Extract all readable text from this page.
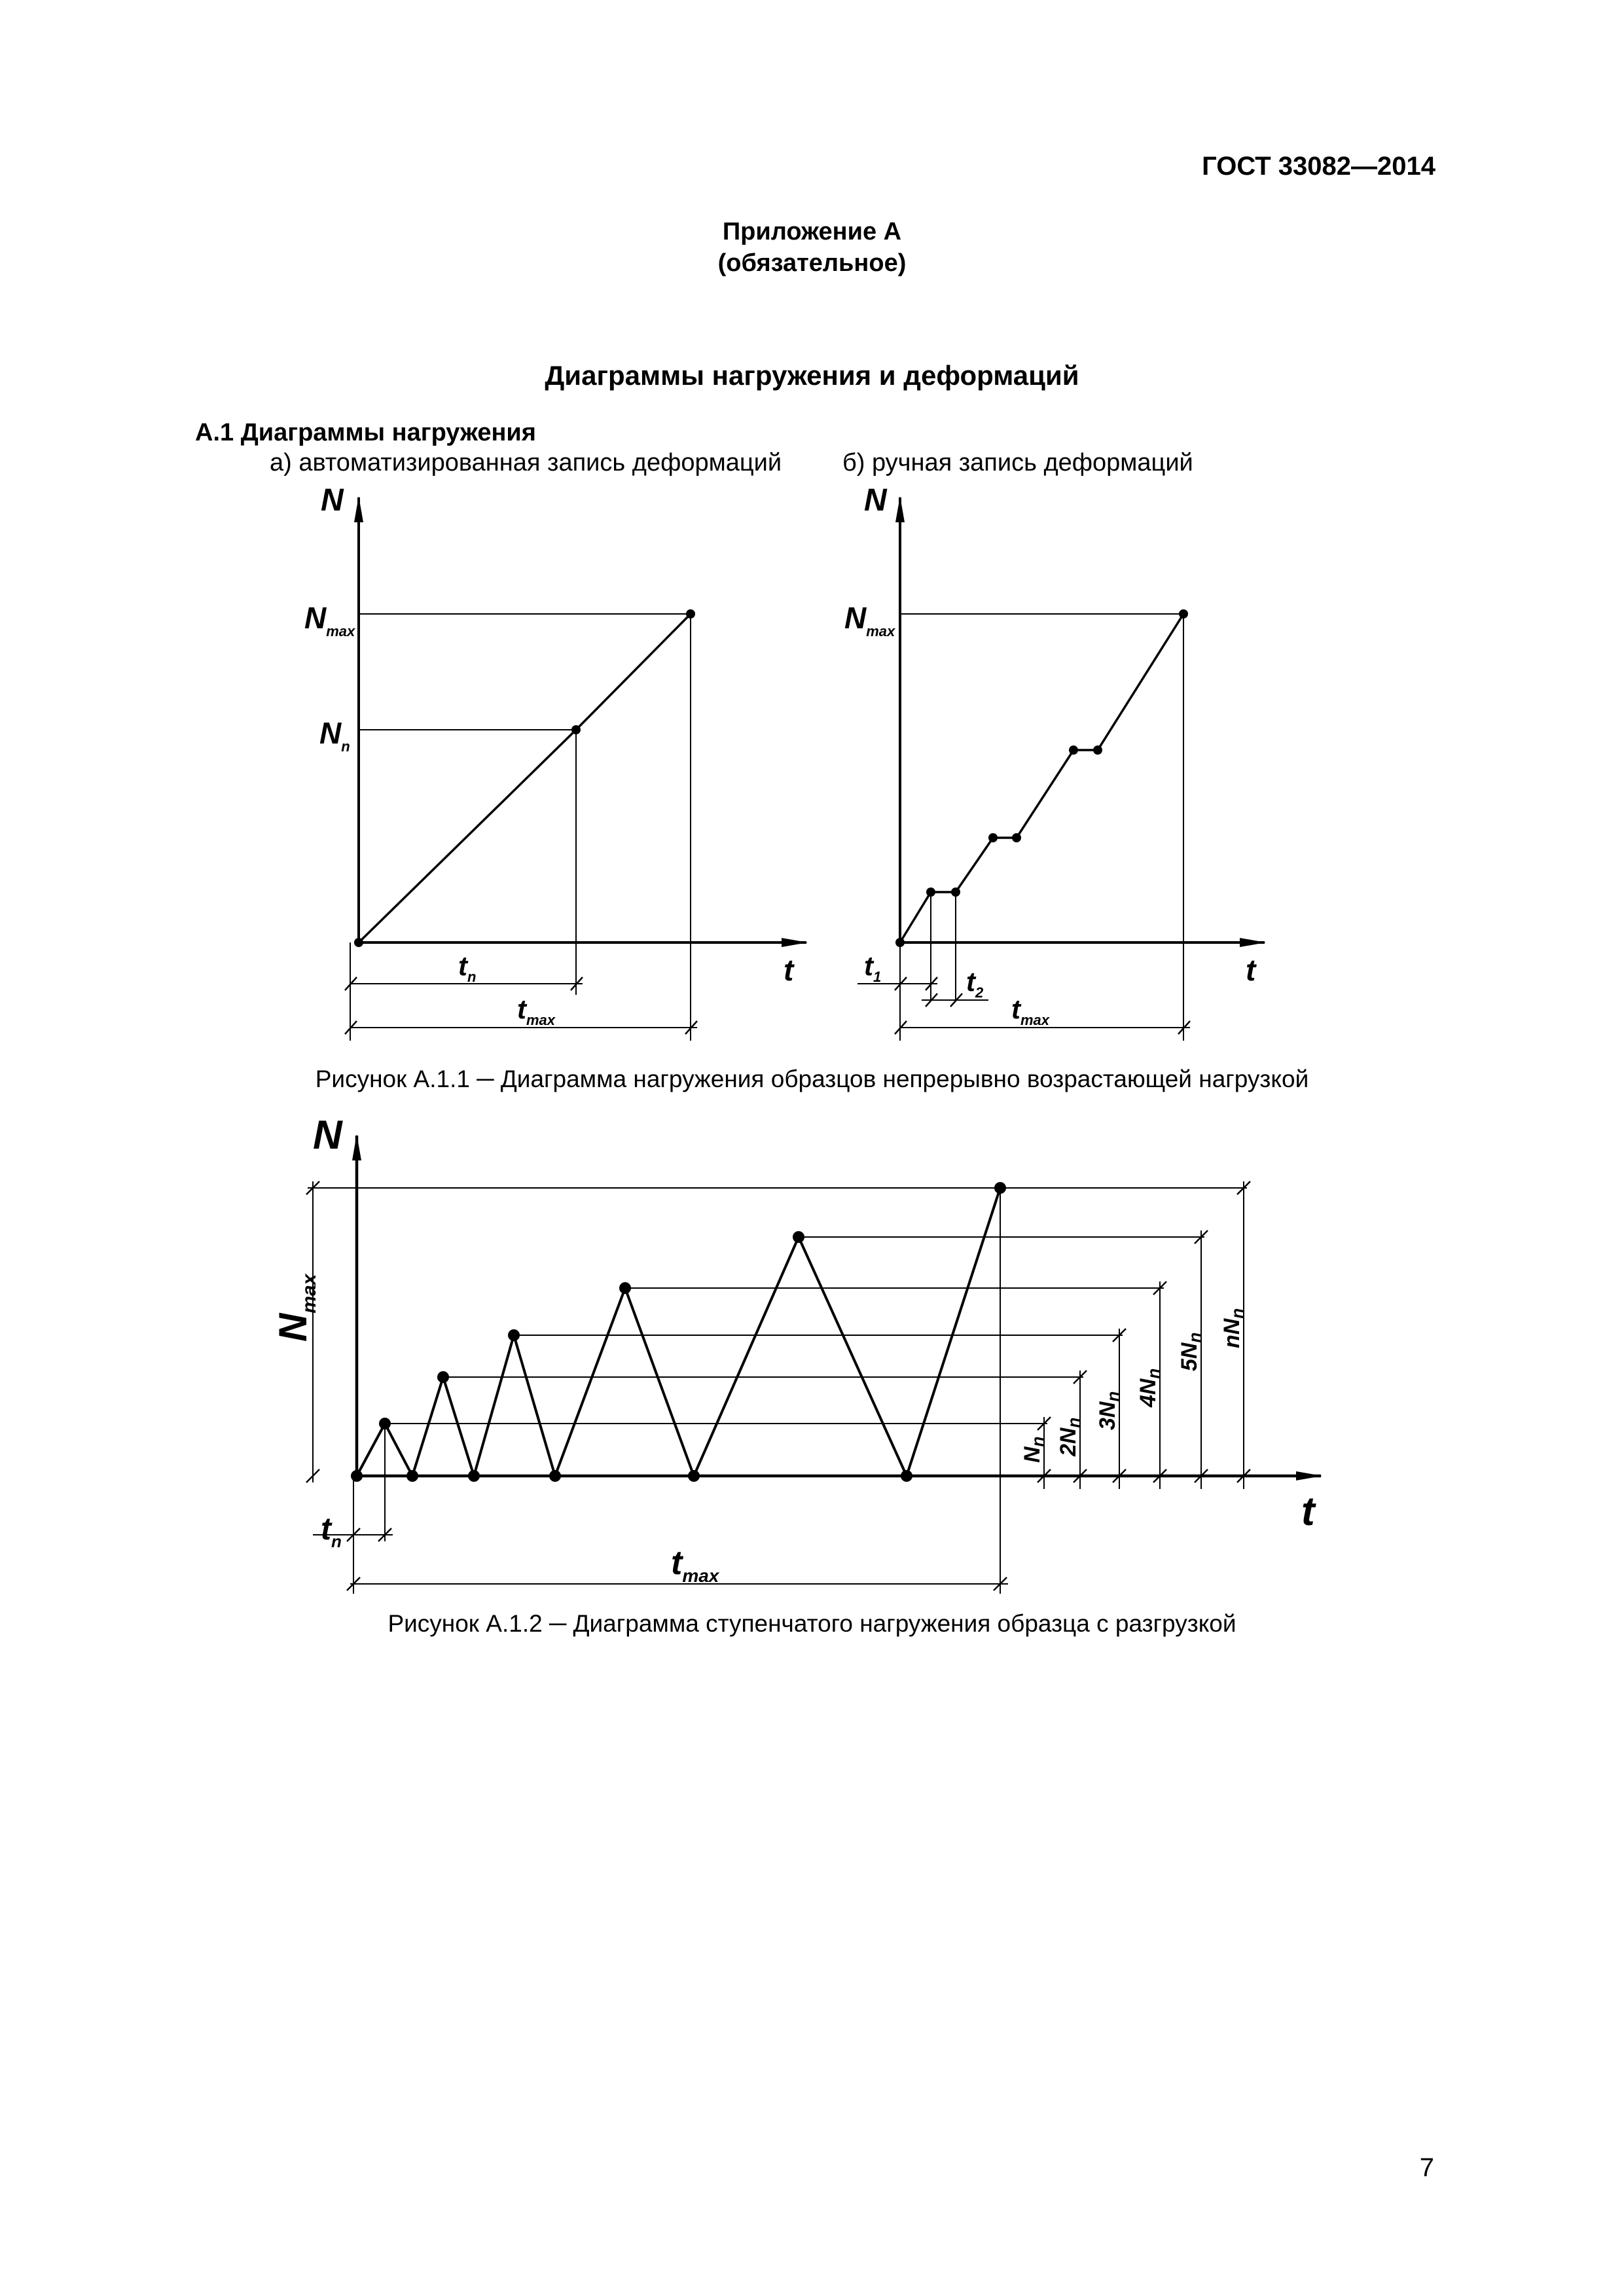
ГОСТ 33082—2014
Приложение А
(обязательное)
Диаграммы нагружения и деформаций
А.1 Диаграммы нагружения
а) автоматизированная запись деформаций б) ручная запись деформаций
N
$N_{max}$
$N_n$
t
$t_n$
$t_{max}$
N
$N_{max}$
t
$t_1$	$t_2$
$t_{max}$
N
t
$N_{max}$
$t_n$
$t_{max}$
Nn 2Nn 3Nn 4Nn
5Nn nNn
Рисунок А.1.1 ─ Диаграмма нагружения образцов непрерывно возрастающей нагрузкой
Рисунок А.1.2 ─ Диаграмма ступенчатого нагружения образца с разгрузкой
7
